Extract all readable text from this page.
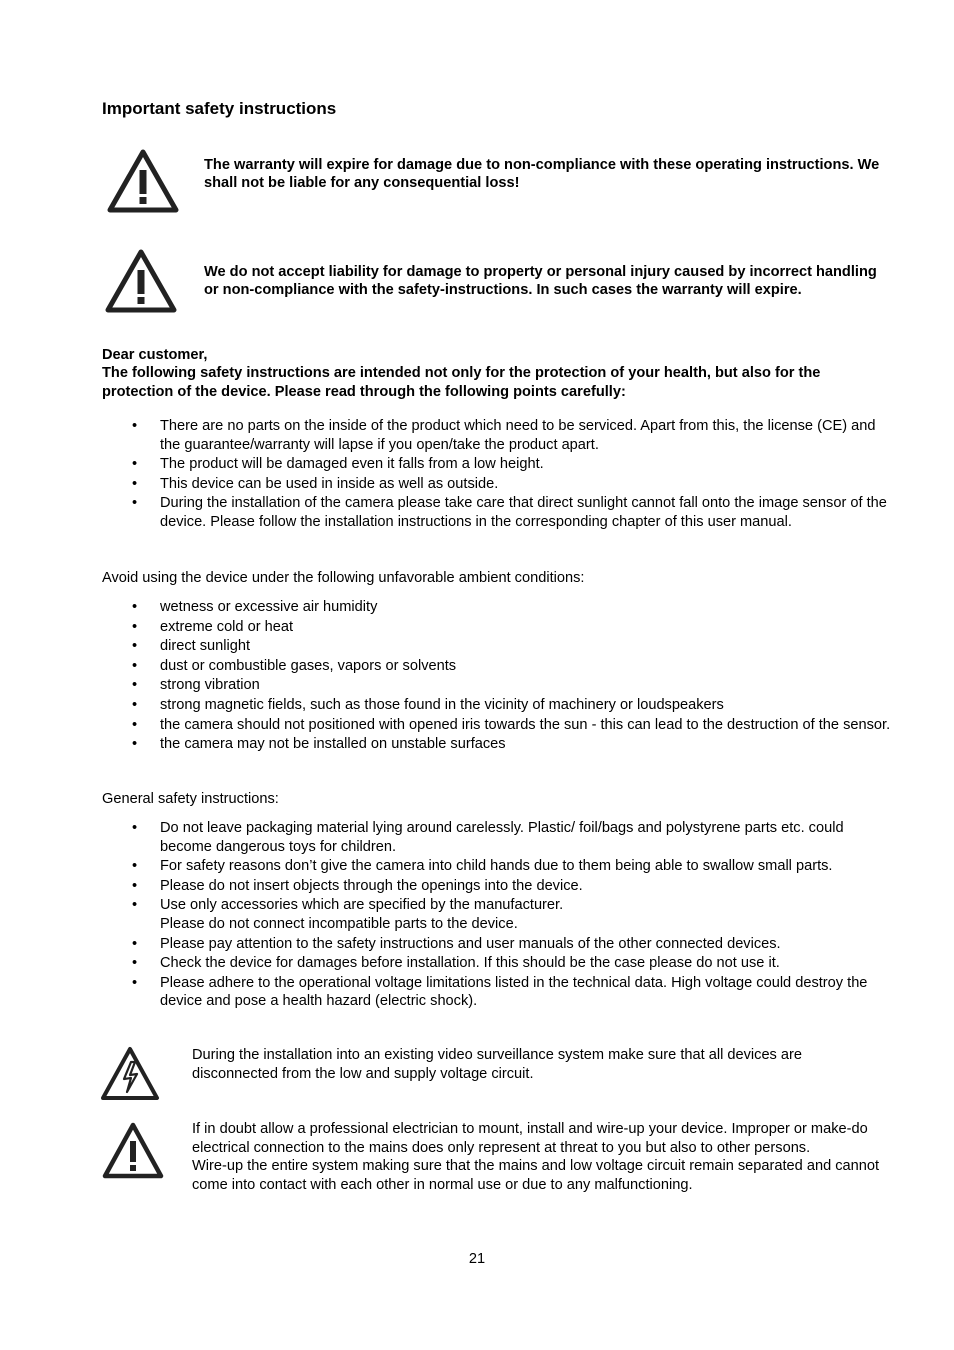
Important safety instructions
The warranty will expire for damage due to non-compliance with these operating instructions. We shall not be liable for any consequential loss!
We do not accept liability for damage to property or personal injury caused by incorrect handling or non-compliance with the safety-instructions. In such cases the warranty will expire.
Dear customer,
The following safety instructions are intended not only for the protection of your health, but also for the protection of the device. Please read through the following points carefully:
• There are no parts on the inside of the product which need to be serviced. Apart from this, the license (CE) and the guarantee/warranty will lapse if you open/take the product apart.
• The product will be damaged even it falls from a low height.
• This device can be used in inside as well as outside.
• During the installation of the camera please take care that direct sunlight cannot fall onto the image sensor of the device. Please follow the installation instructions in the corresponding chapter of this user manual.
Avoid using the device under the following unfavorable ambient conditions:
• wetness or excessive air humidity
• extreme cold or heat
• direct sunlight
• dust or combustible gases, vapors or solvents
• strong vibration
• strong magnetic fields, such as those found in the vicinity of machinery or loudspeakers
• the camera should not positioned with opened iris towards the sun - this can lead to the destruction of the sensor.
• the camera may not be installed on unstable surfaces
General safety instructions:
• Do not leave packaging material lying around carelessly. Plastic/ foil/bags and polystyrene parts etc. could become dangerous toys for children.
• For safety reasons don’t give the camera into child hands due to them being able to swallow small parts.
• Please do not insert objects through the openings into the device.
• Use only accessories which are specified by the manufacturer.
Please do not connect incompatible parts to the device.
• Please pay attention to the safety instructions and user manuals of the other connected devices.
• Check the device for damages before installation. If this should be the case please do not use it.
• Please adhere to the operational voltage limitations listed in the technical data. High voltage could destroy the device and pose a health hazard (electric shock).
During the installation into an existing video surveillance system make sure that all devices are disconnected from the low and supply voltage circuit.
If in doubt allow a professional electrician to mount, install and wire-up your device. Improper or make-do electrical connection to the mains does only represent at threat to you but also to other persons.
Wire-up the entire system making sure that the mains and low voltage circuit remain separated and cannot come into contact with each other in normal use or due to any malfunctioning.
21
